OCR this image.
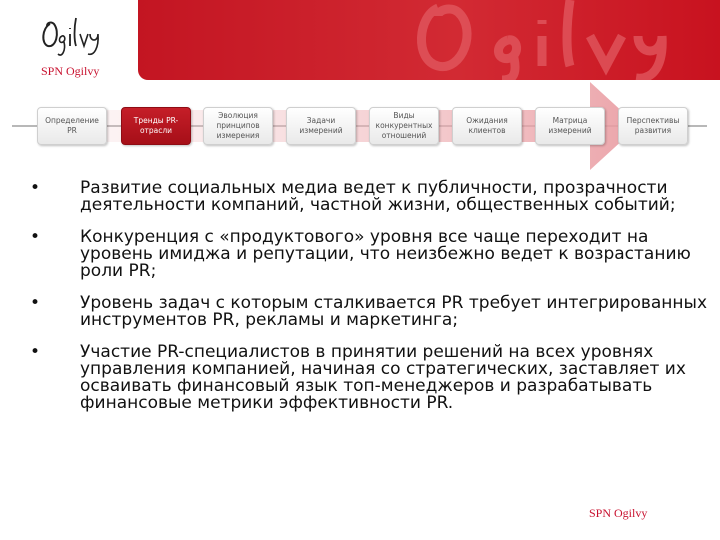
SPN Ogilvy
Определение PR
Тренды PR-отрасли
Эволюция принципов измерения
Задачи измерений
Виды конкурентных отношений
Ожидания клиентов
Матрица измерений
Перспективы развития
•	Развитие социальных медиа ведет к публичности, прозрачности деятельности компаний, частной жизни, общественных событий;
•	Конкуренция с «продуктового» уровня все чаще переходит на уровень имиджа и репутации, что неизбежно ведет к возрастанию роли PR;
•	Уровень задач с которым сталкивается PR требует интегрированных инструментов PR, рекламы и маркетинга;
•	Участие PR-специалистов в принятии решений на всех уровнях управления компанией, начиная со стратегических, заставляет их осваивать финансовый язык топ-менеджеров и разрабатывать финансовые метрики эффективности PR.
SPN Ogilvy
